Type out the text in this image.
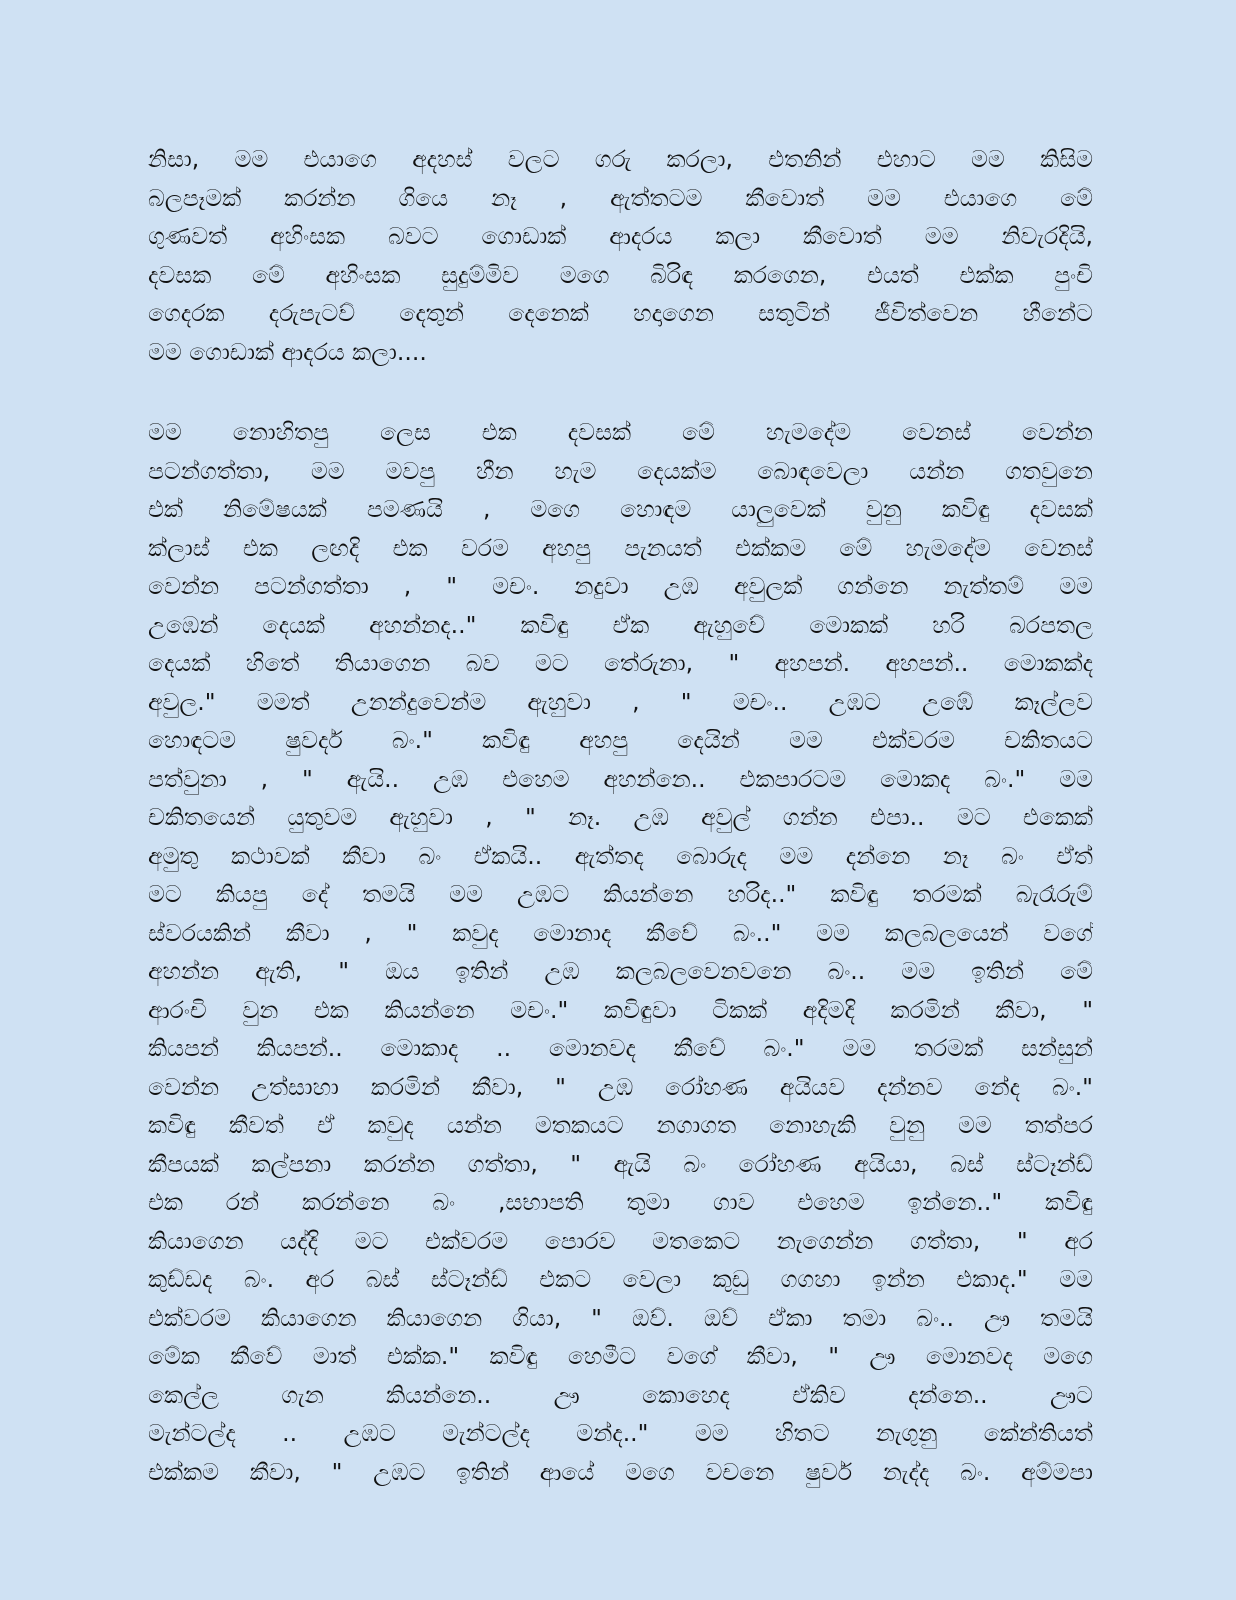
නිසා, මම එයාගෙ අදහස් වලට ගරු කරලා, එතනින් එහාට මම කිසිම
බලපෑමක් කරන්න ගියෙ නෑ , ඇත්තටම කීවොත් මම එයාගෙ මේ
ගුණවත් අහිංසක බවට ගොඩාක් ආදරය කලා කීවොත් මම නිවැරදියි,
දවසක මේ අහිංසක සුදුම්මිව මගෙ බිරිඳ කරගෙන, එයත් එක්ක පුංචි
ගෙදරක දරුපැටව් දෙතුන් දෙනෙක් හදාගෙන සතුටින් ජීවිත්වෙන හීනේට
මම ගොඩාක් ආදරය කලා....

මම නොහිතපු ලෙස එක දවසක් මේ හැමදේම වෙනස් වෙන්න
පටන්ගත්තා, මම මවපු හීන හැම දෙයක්ම බොඳවෙලා යන්න ගතවුනෙ
එක් නිමේෂයක් පමණයි , මගෙ හොඳම යාලුවෙක් වුනු කවිඳු දවසක්
ක්ලාස් එක ලඟදි එක වරම අහපු පැනයත් එක්කම මේ හැමදේම වෙනස්
වෙන්න පටන්ගත්තා , " මචං. නදුවා උඹ අවුලක් ගන්නෙ නැත්තම් මම
උඹෙන් දෙයක් අහන්නද.." කවිඳු ඒක ඇහුවේ මොකක් හරි බරපතල
දෙයක් හිතේ තියාගෙන බව මට තේරුනා, " අහපන්. අහපන්.. මොකක්ද
අවුල." මමත් උනන්දුවෙන්ම ඇහුවා , " මචං.. උඹට උඹේ කෑල්ලව
හොඳටම ෂුවර්ද බං." කවිඳු අහපු දෙයින් මම එක්වරම චකිතයට
පත්වුනා , " ඇයි.. උඹ එහෙම අහන්නෙ.. එකපාරටම මොකද බං." මම
චකිතයෙන් යුතුවම ඇහුවා , " නෑ. උඹ අවුල් ගන්න එපා.. මට එකෙක්
අමුතු කථාවක් කීවා බං ඒකයි.. ඇත්තද බොරුද මම දන්නෙ නෑ බං ඒත්
මට කියපු දේ තමයි මම උඹට කියන්නෙ හරිද.." කවිඳු තරමක් බැරෑරුම්
ස්වරයකින් කීවා , " කවුද මොනාද කීවේ බං.." මම කලබලයෙන් වගේ
අහන්න ඇති, " ඔය ඉතින් උඹ කලබලවෙනවනෙ බං.. මම ඉතින් මේ
ආරංචි වුන එක කියන්නෙ මචං." කවිඳුවා ටිකක් අදිමදි කරමින් කීවා, "
කියපන් කියපන්.. මොකාද .. මොනවද කීවේ බං." මම තරමක් සන්සුන්
වෙන්න උත්සාහා කරමින් කීවා, " උඹ රෝහණ අයියව දන්නව නේද බං."
කවිඳු කීවත් ඒ කවුද යන්න මතකයට නගාගත නොහැකි වුනු මම තත්පර
කීපයක් කල්පනා කරන්න ගත්තා, " ඇයි බං රෝහණ අයියා, බස් ස්ටෑන්ඩ්
එක රන් කරන්නෙ බං ,සභාපති තුමා ගාව එහෙම ඉන්නෙ.." කවිඳු
කියාගෙන යද්දි මට එක්වරම පොරව මතකෙට නැගෙන්න ගත්තා, " අර
කුඩ්ඩද බං. අර බස් ස්ටෑන්ඩ් එකට වෙලා කුඩු ගගහා ඉන්න එකාද." මම
එක්වරම කියාගෙන කියාගෙන ගියා, " ඔව්. ඔව් ඒකා තමා බං.. ඌ තමයි
මේක කීවේ මාත් එක්ක." කවිඳු හෙමීට වගේ කීවා, " ඌ මොනවද මගෙ
කෙල්ල ගැන කියන්නෙ.. ඌ කොහෙද ඒකිව දන්නෙ.. ඌට
මැන්ටල්ද .. උඹට මැන්ටල්ද මන්ද.." මම හිතට නැගුනු කේන්තියත්
එක්කම කීවා, " උඹට ඉතින් ආයේ මගෙ වචනෙ ෂුවර් නැද්ද බං. අම්මපා
